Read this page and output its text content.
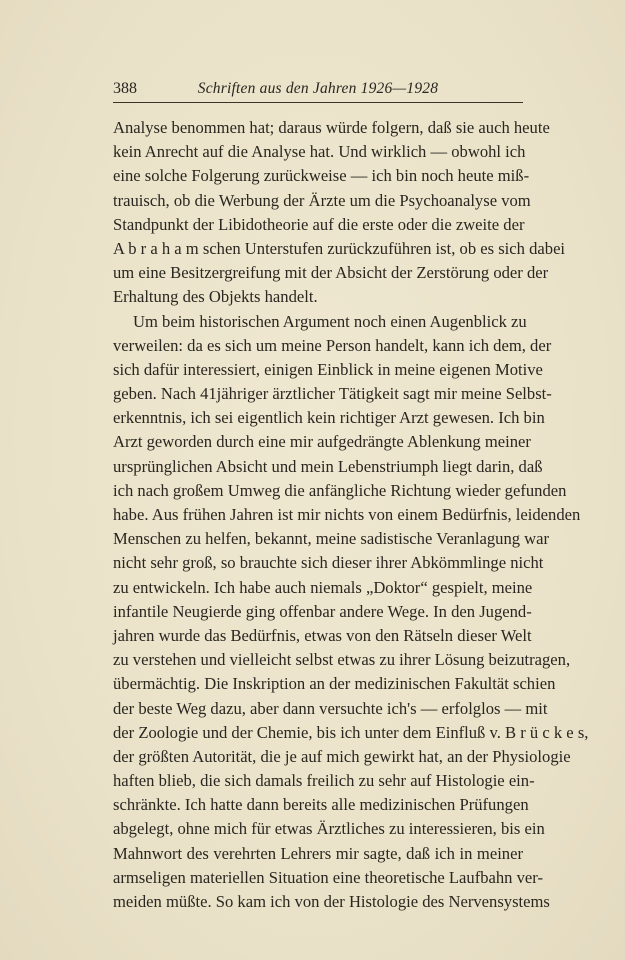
388	Schriften aus den Jahren 1926—1928
Analyse benommen hat; daraus würde folgern, daß sie auch heute
kein Anrecht auf die Analyse hat. Und wirklich — obwohl ich
eine solche Folgerung zurückweise — ich bin noch heute miß-
trauisch, ob die Werbung der Ärzte um die Psychoanalyse vom
Standpunkt der Libidotheorie auf die erste oder die zweite der
A b r a h a m schen Unterstufen zurückzuführen ist, ob es sich dabei
um eine Besitzergreifung mit der Absicht der Zerstörung oder der
Erhaltung des Objekts handelt.
Um beim historischen Argument noch einen Augenblick zu
verweilen: da es sich um meine Person handelt, kann ich dem, der
sich dafür interessiert, einigen Einblick in meine eigenen Motive
geben. Nach 41jähriger ärztlicher Tätigkeit sagt mir meine Selbst-
erkenntnis, ich sei eigentlich kein richtiger Arzt gewesen. Ich bin
Arzt geworden durch eine mir aufgedrängte Ablenkung meiner
ursprünglichen Absicht und mein Lebenstriumph liegt darin, daß
ich nach großem Umweg die anfängliche Richtung wieder gefunden
habe. Aus frühen Jahren ist mir nichts von einem Bedürfnis, leidenden
Menschen zu helfen, bekannt, meine sadistische Veranlagung war
nicht sehr groß, so brauchte sich dieser ihrer Abkömmlinge nicht
zu entwickeln. Ich habe auch niemals „Doktor“ gespielt, meine
infantile Neugierde ging offenbar andere Wege. In den Jugend-
jahren wurde das Bedürfnis, etwas von den Rätseln dieser Welt
zu verstehen und vielleicht selbst etwas zu ihrer Lösung beizutragen,
übermächtig. Die Inskription an der medizinischen Fakultät schien
der beste Weg dazu, aber dann versuchte ich's — erfolglos — mit
der Zoologie und der Chemie, bis ich unter dem Einfluß v. B r ü c k e s,
der größten Autorität, die je auf mich gewirkt hat, an der Physiologie
haften blieb, die sich damals freilich zu sehr auf Histologie ein-
schränkte. Ich hatte dann bereits alle medizinischen Prüfungen
abgelegt, ohne mich für etwas Ärztliches zu interessieren, bis ein
Mahnwort des verehrten Lehrers mir sagte, daß ich in meiner
armseligen materiellen Situation eine theoretische Laufbahn ver-
meiden müßte. So kam ich von der Histologie des Nervensystems
